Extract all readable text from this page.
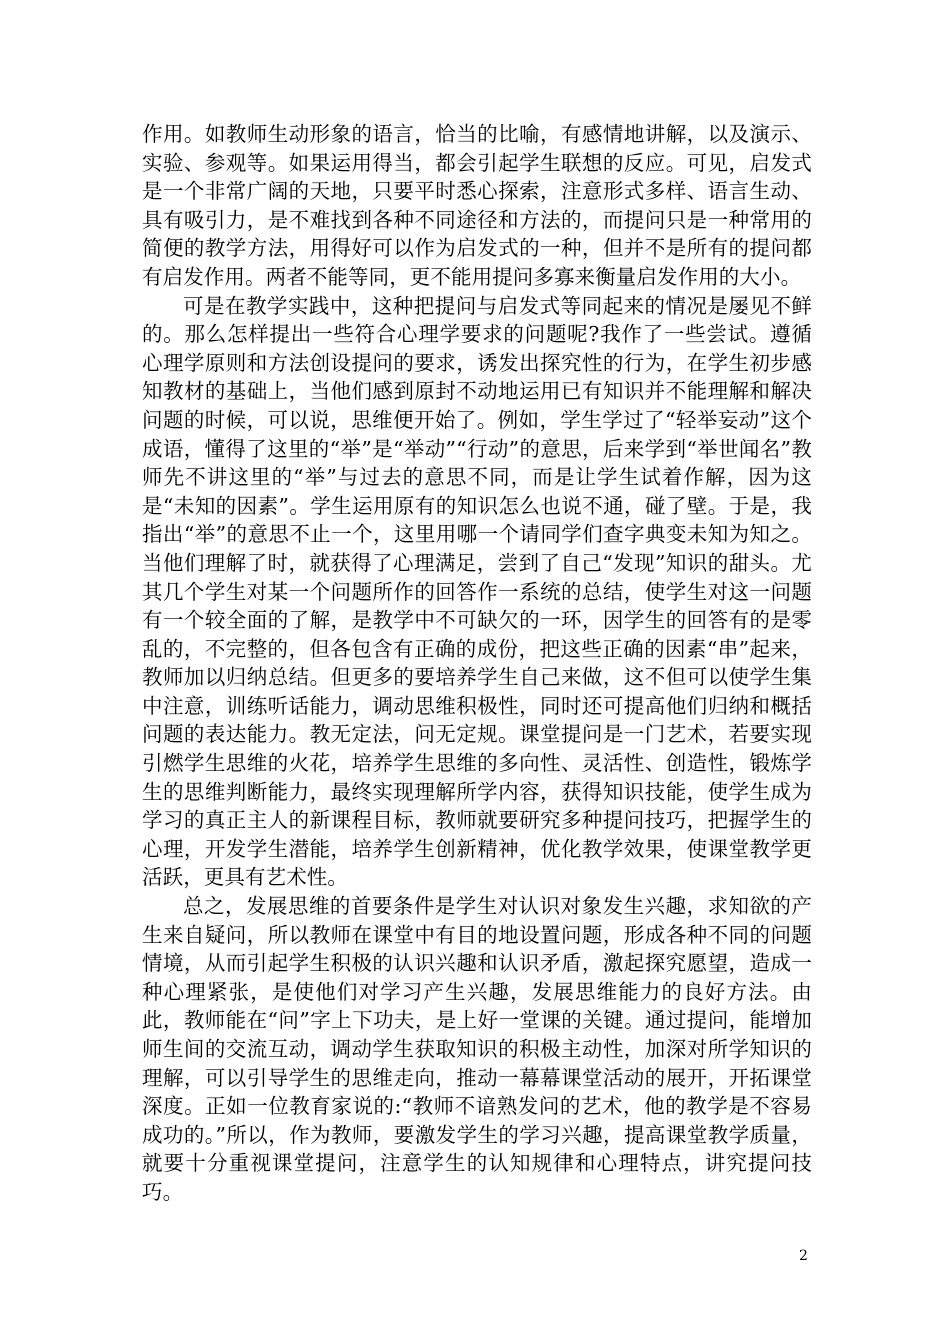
作用。如教师生动形象的语言，恰当的比喻，有感情地讲解，以及演示、实验、参观等。如果运用得当，都会引起学生联想的反应。可见，启发式是一个非常广阔的天地，只要平时悉心探索，注意形式多样、语言生动、具有吸引力，是不难找到各种不同途径和方法的，而提问只是一种常用的简便的教学方法，用得好可以作为启发式的一种，但并不是所有的提问都有启发作用。两者不能等同，更不能用提问多寡来衡量启发作用的大小。

可是在教学实践中，这种把提问与启发式等同起来的情况是屡见不鲜的。那么怎样提出一些符合心理学要求的问题呢?我作了一些尝试。遵循心理学原则和方法创设提问的要求，诱发出探究性的行为，在学生初步感知教材的基础上，当他们感到原封不动地运用已有知识并不能理解和解决问题的时候，可以说，思维便开始了。例如，学生学过了“轻举妄动”这个成语，懂得了这里的“举”是“举动”“行动”的意思，后来学到“举世闻名”教师先不讲这里的“举”与过去的意思不同，而是让学生试着作解，因为这是“未知的因素”。学生运用原有的知识怎么也说不通，碰了壁。于是，我指出“举”的意思不止一个，这里用哪一个请同学们查字典变未知为知之。当他们理解了时，就获得了心理满足，尝到了自己“发现”知识的甜头。尤其几个学生对某一个问题所作的回答作一系统的总结，使学生对这一问题有一个较全面的了解，是教学中不可缺欠的一环，因学生的回答有的是零乱的，不完整的，但各包含有正确的成份，把这些正确的因素“串”起来，教师加以归纳总结。但更多的要培养学生自己来做，这不但可以使学生集中注意，训练听话能力，调动思维积极性，同时还可提高他们归纳和概括问题的表达能力。教无定法，问无定规。课堂提问是一门艺术，若要实现引燃学生思维的火花，培养学生思维的多向性、灵活性、创造性，锻炼学生的思维判断能力，最终实现理解所学内容，获得知识技能，使学生成为学习的真正主人的新课程目标，教师就要研究多种提问技巧，把握学生的心理，开发学生潜能，培养学生创新精神，优化教学效果，使课堂教学更活跃，更具有艺术性。

总之，发展思维的首要条件是学生对认识对象发生兴趣，求知欲的产生来自疑问，所以教师在课堂中有目的地设置问题，形成各种不同的问题情境，从而引起学生积极的认识兴趣和认识矛盾，激起探究愿望，造成一种心理紧张，是使他们对学习产生兴趣，发展思维能力的良好方法。由此，教师能在“问”字上下功夫，是上好一堂课的关键。通过提问，能增加师生间的交流互动，调动学生获取知识的积极主动性，加深对所学知识的理解，可以引导学生的思维走向，推动一幕幕课堂活动的展开，开拓课堂深度。正如一位教育家说的:“教师不谙熟发问的艺术，他的教学是不容易成功的。”所以，作为教师，要激发学生的学习兴趣，提高课堂教学质量，就要十分重视课堂提问，注意学生的认知规律和心理特点，讲究提问技巧。

2
